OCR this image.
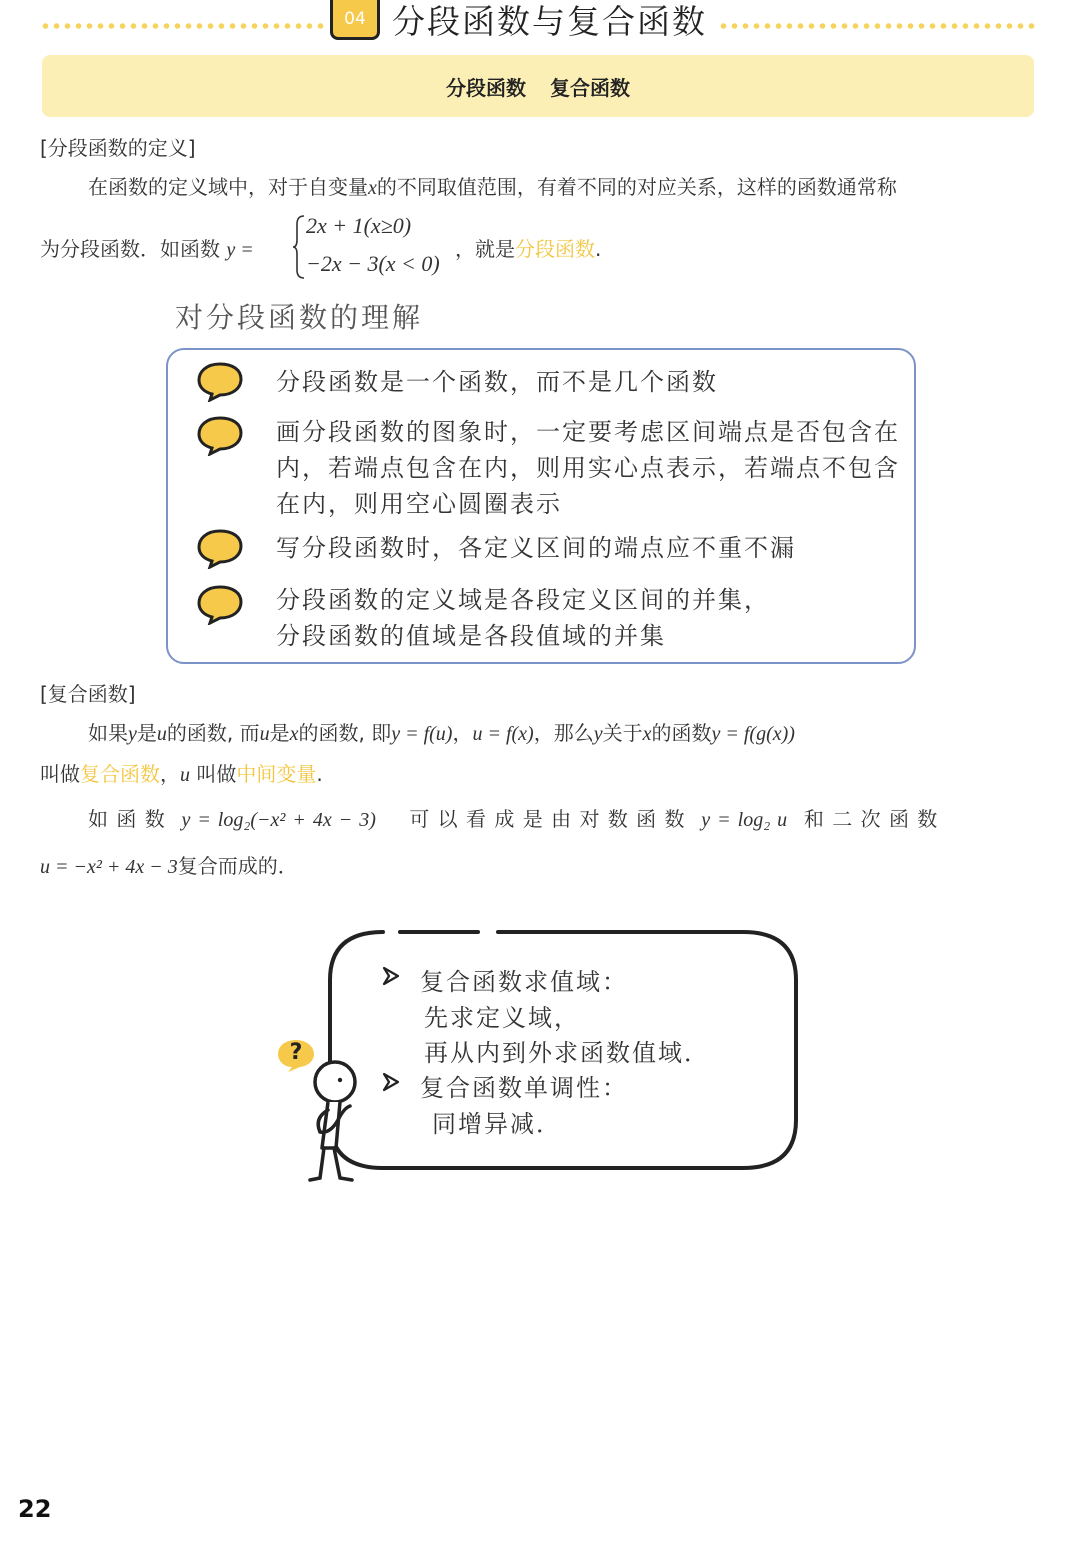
04 分段函数与复合函数
分段函数 复合函数
[分段函数的定义]
在函数的定义域中，对于自变量x的不同取值范围，有着不同的对应关系，这样的函数通常称
为分段函数．如函数 y =
2x + 1(x≥0)
−2x − 3(x < 0)
，就是分段函数.
对分段函数的理解
分段函数是一个函数，而不是几个函数
画分段函数的图象时，一定要考虑区间端点是否包含在
内，若端点包含在内，则用实心点表示，若端点不包含
在内，则用空心圆圈表示
写分段函数时，各定义区间的端点应不重不漏
分段函数的定义域是各段定义区间的并集，
分段函数的值域是各段值域的并集
[复合函数]
如果y是u的函数, 而u是x的函数, 即y = f(u)，u = f(x)，那么y关于x的函数y = f(g(x))
叫做复合函数，u 叫做中间变量.
如 函 数 y = log₂(−x² + 4x − 3) 可 以 看 成 是 由 对 数 函 数 y = log₂ u 和 二 次 函 数
u = −x² + 4x − 3复合而成的．
复合函数求值域：
先求定义域，
再从内到外求函数值域．
复合函数单调性：
同增异减．
?
22
